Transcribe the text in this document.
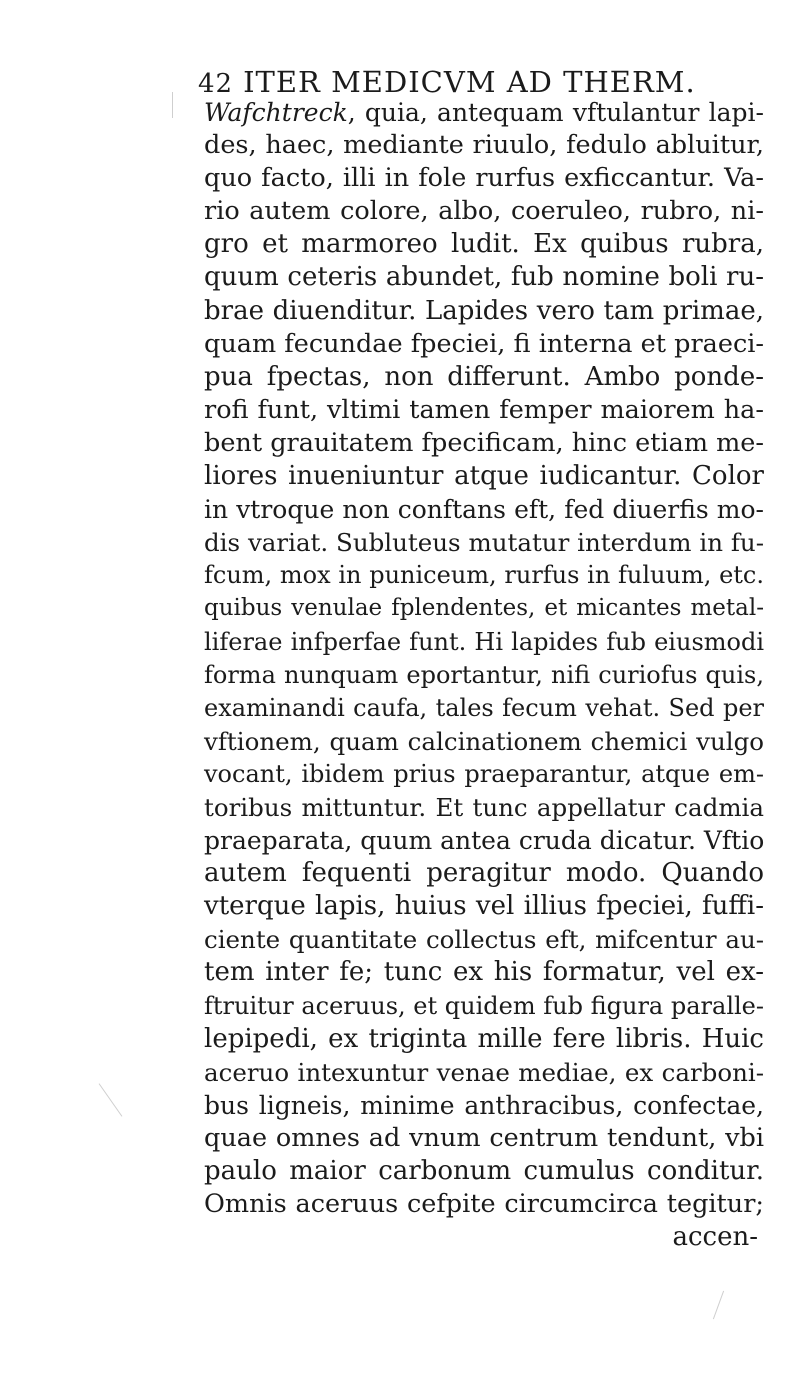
42 ITER MEDICVM AD THERM.
Wafchtreck, quia, antequam vftulantur lapi-
des, haec, mediante riuulo, fedulo abluitur,
quo facto, illi in fole rurfus exficcantur. Va-
rio autem colore, albo, coeruleo, rubro, ni-
gro et marmoreo ludit. Ex quibus rubra,
quum ceteris abundet, fub nomine boli ru-
brae diuenditur. Lapides vero tam primae,
quam fecundae fpeciei, fi interna et praeci-
pua fpectas, non differunt. Ambo ponde-
rofi funt, vltimi tamen femper maiorem ha-
bent grauitatem fpecificam, hinc etiam me-
liores inueniuntur atque iudicantur. Color
in vtroque non conftans eft, fed diuerfis mo-
dis variat. Subluteus mutatur interdum in fu-
fcum, mox in puniceum, rurfus in fuluum, etc.
quibus venulae fplendentes, et micantes metal-
liferae infperfae funt. Hi lapides fub eiusmodi
forma nunquam eportantur, nifi curiofus quis,
examinandi caufa, tales fecum vehat. Sed per
vftionem, quam calcinationem chemici vulgo
vocant, ibidem prius praeparantur, atque em-
toribus mittuntur. Et tunc appellatur cadmia
praeparata, quum antea cruda dicatur. Vftio
autem fequenti peragitur modo. Quando
vterque lapis, huius vel illius fpeciei, fuffi-
ciente quantitate collectus eft, mifcentur au-
tem inter fe; tunc ex his formatur, vel ex-
ftruitur aceruus, et quidem fub figura paralle-
lepipedi, ex triginta mille fere libris. Huic
aceruo intexuntur venae mediae, ex carboni-
bus ligneis, minime anthracibus, confectae,
quae omnes ad vnum centrum tendunt, vbi
paulo maior carbonum cumulus conditur.
Omnis aceruus cefpite circumcirca tegitur;
accen-
